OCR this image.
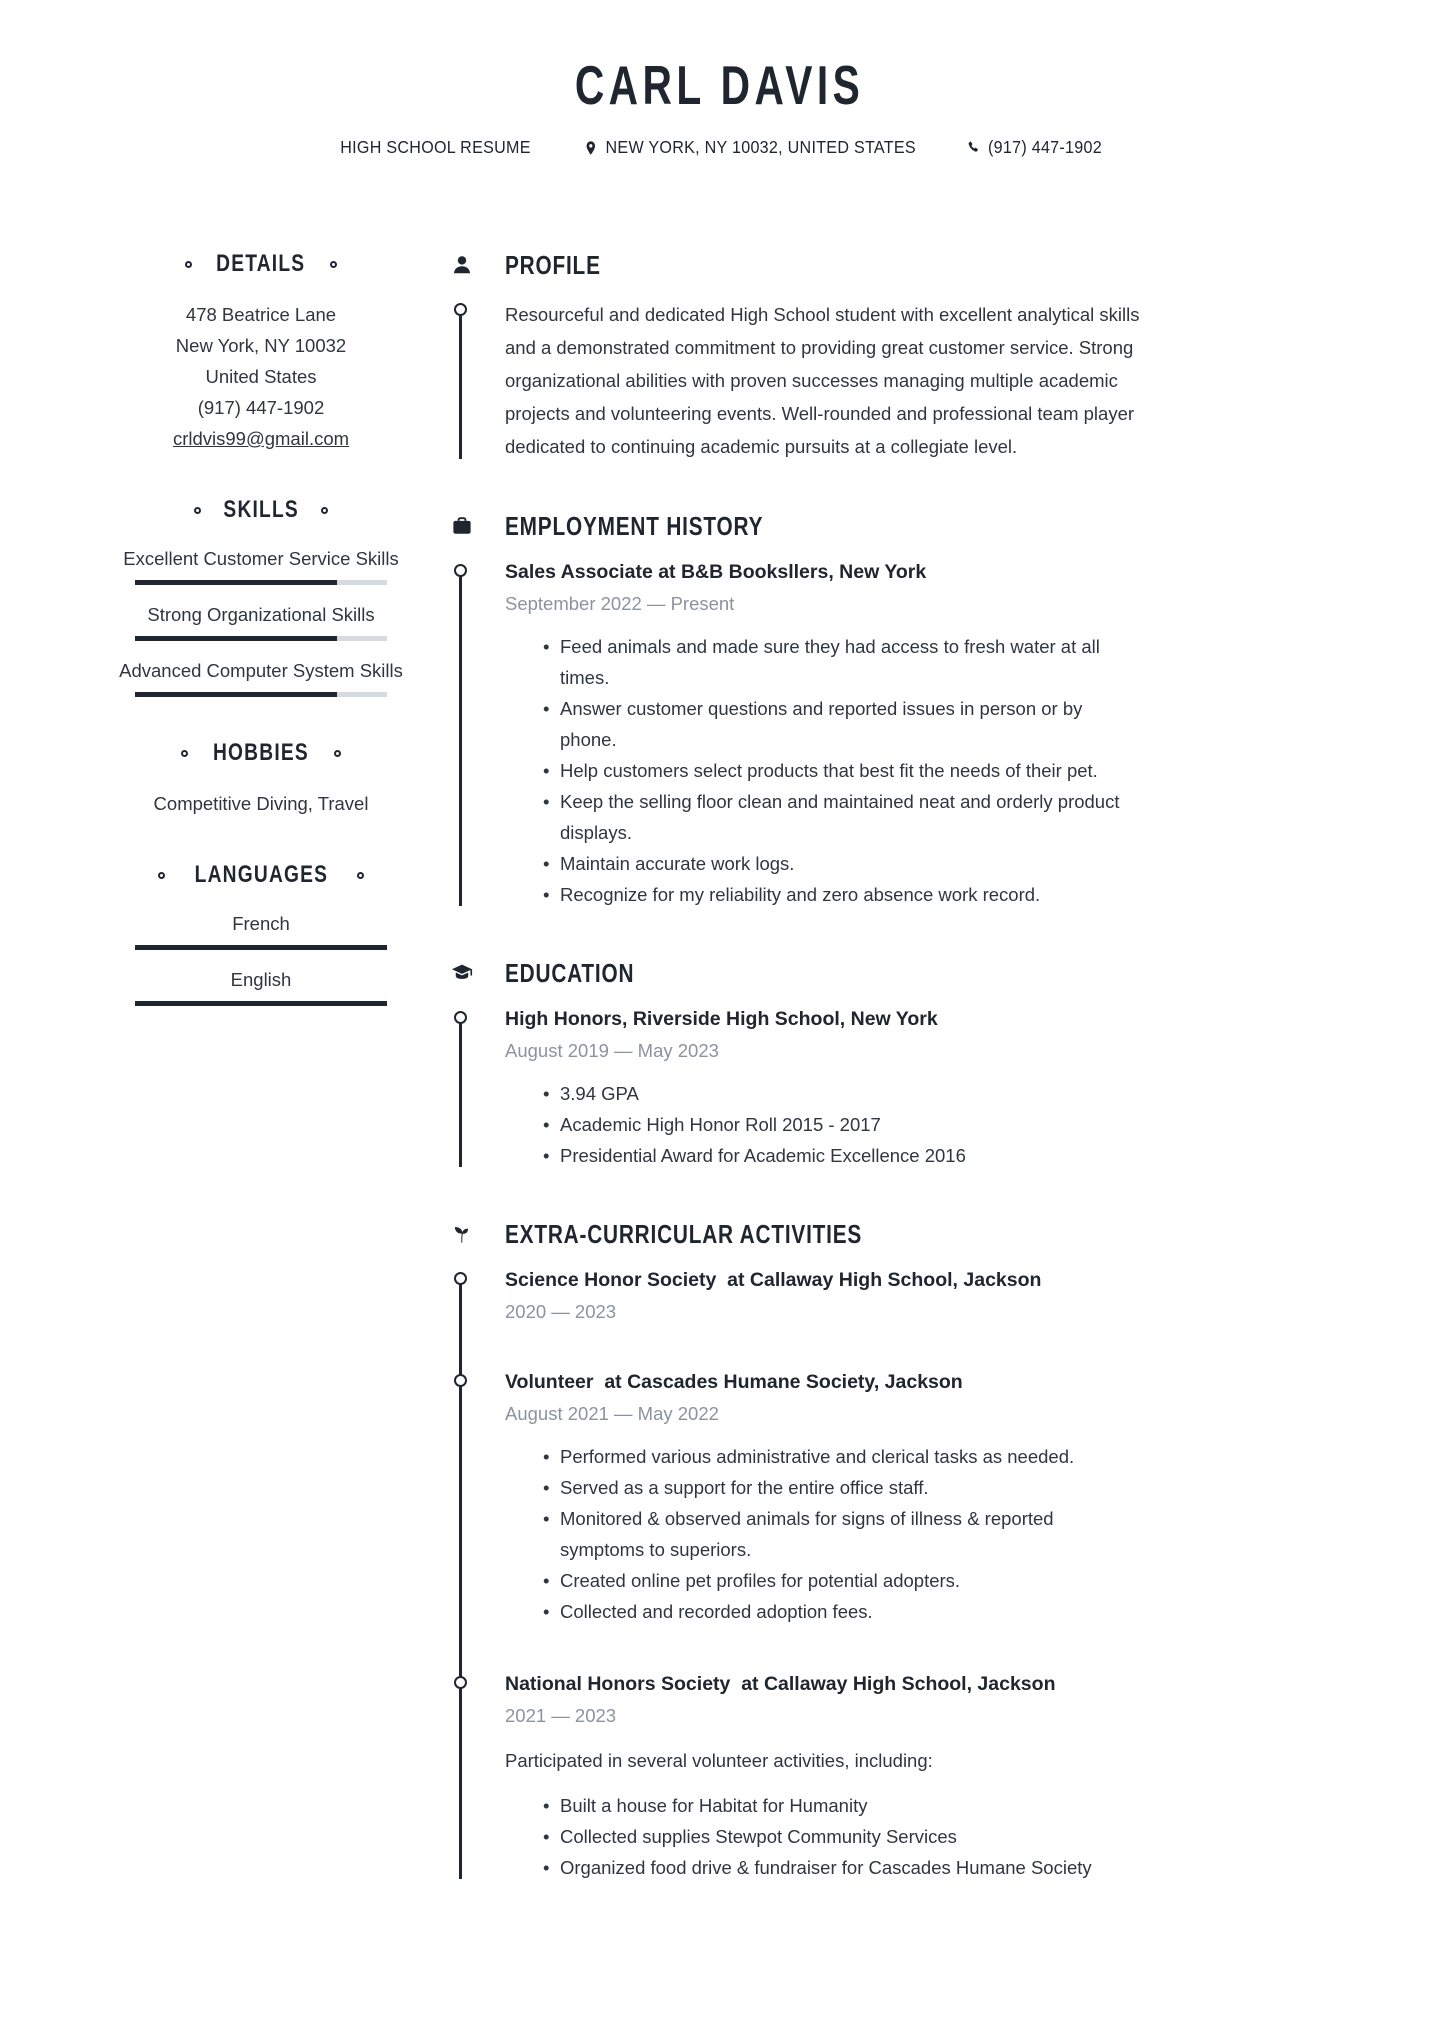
CARL DAVIS
HIGH SCHOOL RESUME	NEW YORK, NY 10032, UNITED STATES	(917) 447-1902
DETAILS
478 Beatrice Lane
New York, NY 10032
United States
(917) 447-1902
crldvis99@gmail.com
SKILLS
Excellent Customer Service Skills
Strong Organizational Skills
Advanced Computer System Skills
HOBBIES
Competitive Diving, Travel
LANGUAGES
French
English
PROFILE

Resourceful and dedicated High School student with excellent analytical skills and a demonstrated commitment to providing great customer service. Strong organizational abilities with proven successes managing multiple academic projects and volunteering events. Well-rounded and professional team player dedicated to continuing academic pursuits at a collegiate level.

EMPLOYMENT HISTORY
Sales Associate at B&B Booksllers, New York
September 2022 — Present
• Feed animals and made sure they had access to fresh water at all times.
• Answer customer questions and reported issues in person or by phone.
• Help customers select products that best fit the needs of their pet.
• Keep the selling floor clean and maintained neat and orderly product displays.
• Maintain accurate work logs.
• Recognize for my reliability and zero absence work record.
EDUCATION
High Honors, Riverside High School, New York
August 2019 — May 2023
• 3.94 GPA
• Academic High Honor Roll 2015 - 2017
• Presidential Award for Academic Excellence 2016
EXTRA-CURRICULAR ACTIVITIES
Science Honor Society  at Callaway High School, Jackson
2020 — 2023
Volunteer  at Cascades Humane Society, Jackson
August 2021 — May 2022
• Performed various administrative and clerical tasks as needed.
• Served as a support for the entire office staff.
• Monitored & observed animals for signs of illness & reported symptoms to superiors.
• Created online pet profiles for potential adopters.
• Collected and recorded adoption fees.
National Honors Society  at Callaway High School, Jackson
2021 — 2023

Participated in several volunteer activities, including:

• Built a house for Habitat for Humanity
• Collected supplies Stewpot Community Services
• Organized food drive & fundraiser for Cascades Humane Society
